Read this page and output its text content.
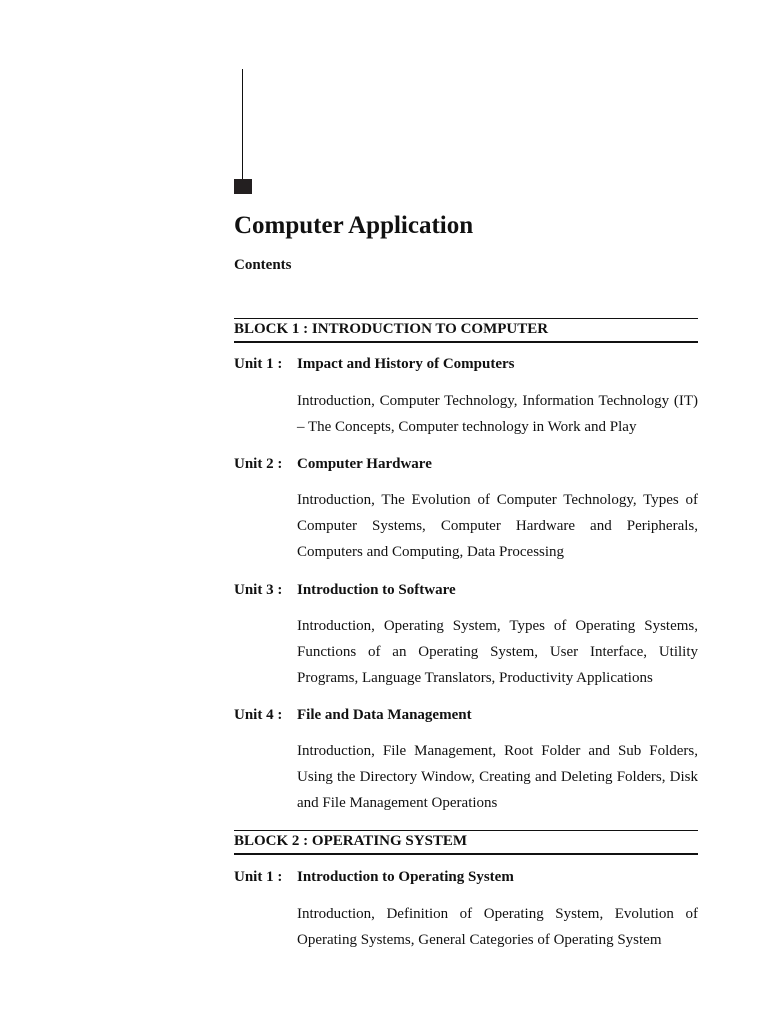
Computer Application
Contents
BLOCK 1 : INTRODUCTION TO COMPUTER
Unit 1 : Impact and History of Computers
Introduction, Computer Technology, Information Technology (IT) – The Concepts, Computer technology in Work and Play
Unit 2 : Computer Hardware
Introduction, The Evolution of Computer Technology, Types of Computer Systems, Computer Hardware and Peripherals, Computers and Computing, Data Processing
Unit 3 : Introduction to Software
Introduction, Operating System, Types of Operating Systems, Functions of an Operating System, User Interface, Utility Programs, Language Translators, Productivity Applications
Unit 4 : File and Data Management
Introduction, File Management, Root Folder and Sub Folders, Using the Directory Window, Creating and Deleting Folders, Disk and File Management Operations
BLOCK 2 : OPERATING SYSTEM
Unit 1 : Introduction to Operating System
Introduction, Definition of Operating System, Evolution of Operating Systems, General Categories of Operating System
